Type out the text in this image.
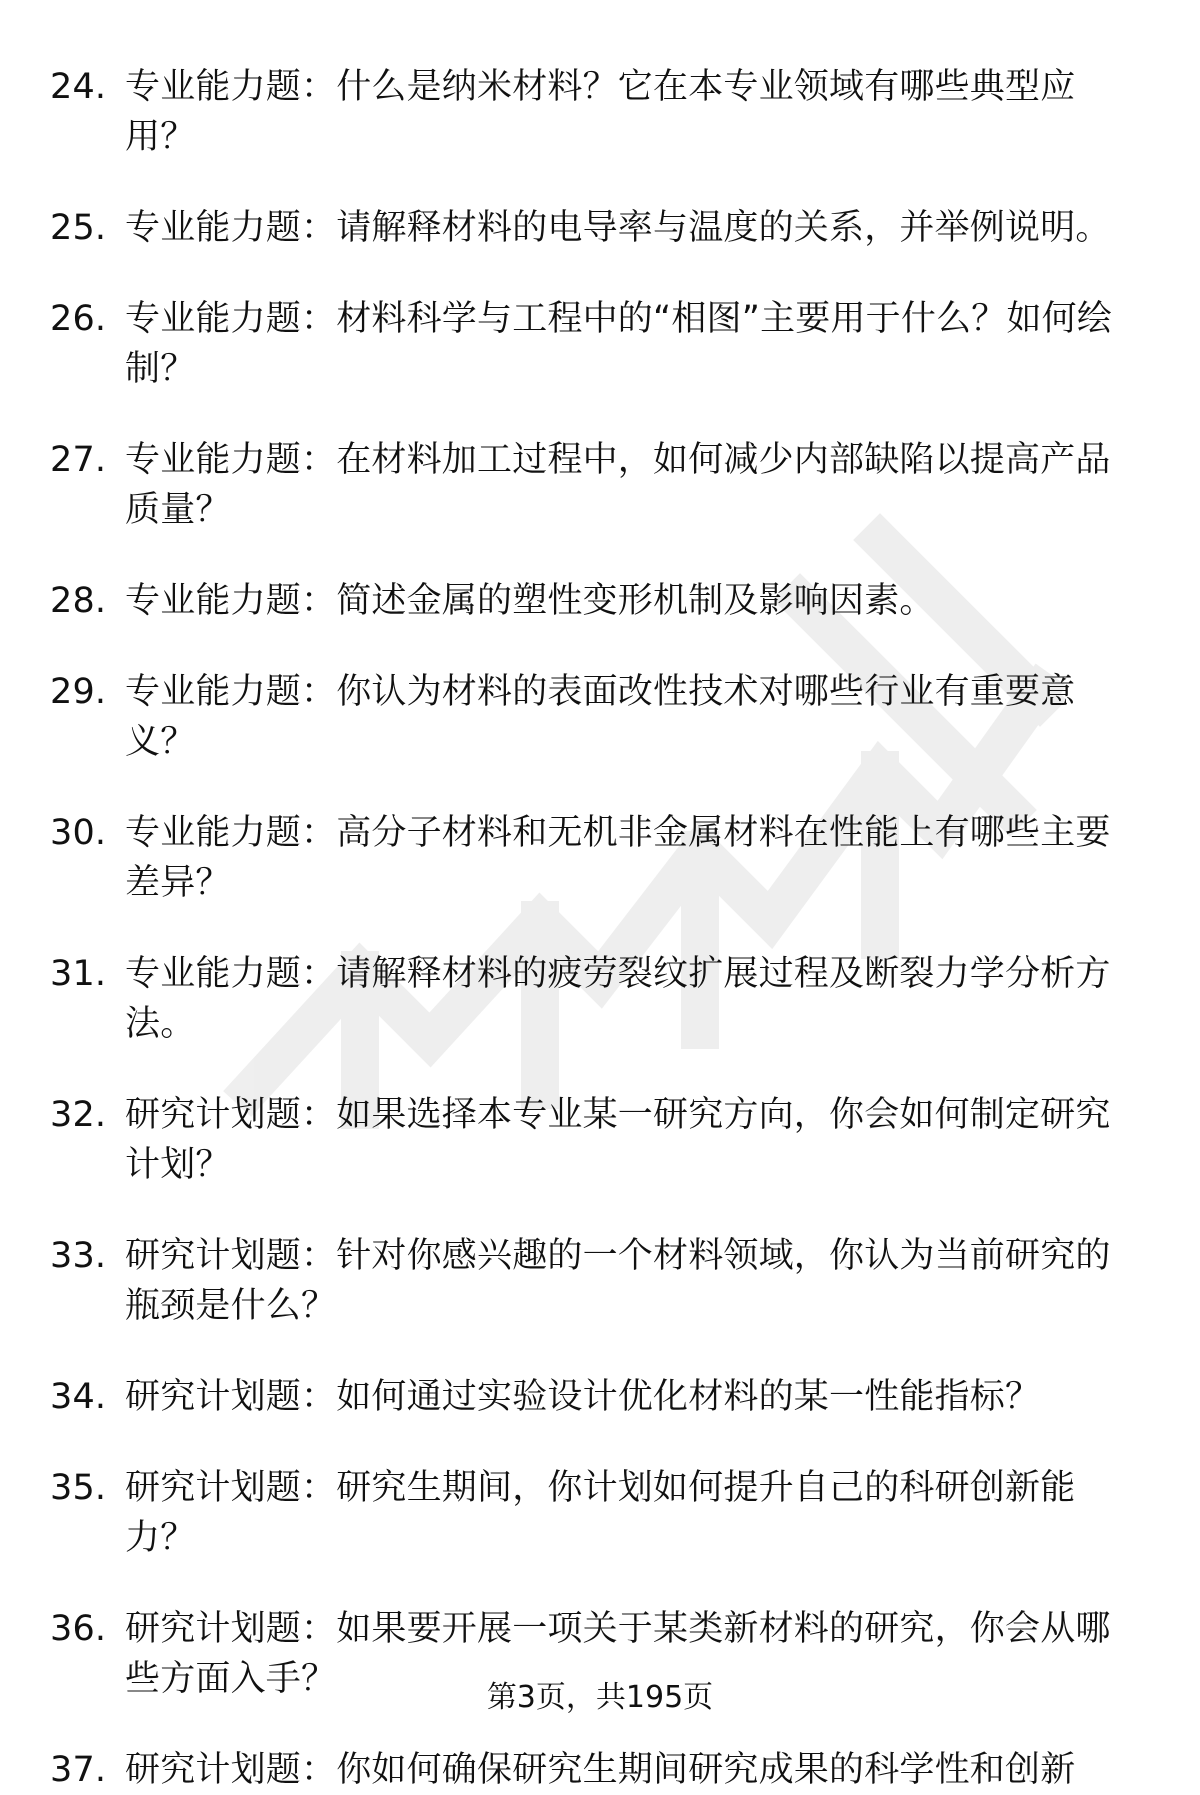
24. 专业能力题：什么是纳米材料？它在本专业领域有哪些典型应用？
25. 专业能力题：请解释材料的电导率与温度的关系，并举例说明。
26. 专业能力题：材料科学与工程中的“相图”主要用于什么？如何绘制？
27. 专业能力题：在材料加工过程中，如何减少内部缺陷以提高产品质量？
28. 专业能力题：简述金属的塑性变形机制及影响因素。
29. 专业能力题：你认为材料的表面改性技术对哪些行业有重要意义？
30. 专业能力题：高分子材料和无机非金属材料在性能上有哪些主要差异？
31. 专业能力题：请解释材料的疲劳裂纹扩展过程及断裂力学分析方法。
32. 研究计划题：如果选择本专业某一研究方向，你会如何制定研究计划？
33. 研究计划题：针对你感兴趣的一个材料领域，你认为当前研究的瓶颈是什么？
34. 研究计划题：如何通过实验设计优化材料的某一性能指标？
35. 研究计划题：研究生期间，你计划如何提升自己的科研创新能力？
36. 研究计划题：如果要开展一项关于某类新材料的研究，你会从哪些方面入手？
37. 研究计划题：你如何确保研究生期间研究成果的科学性和创新
第3页，共195页
